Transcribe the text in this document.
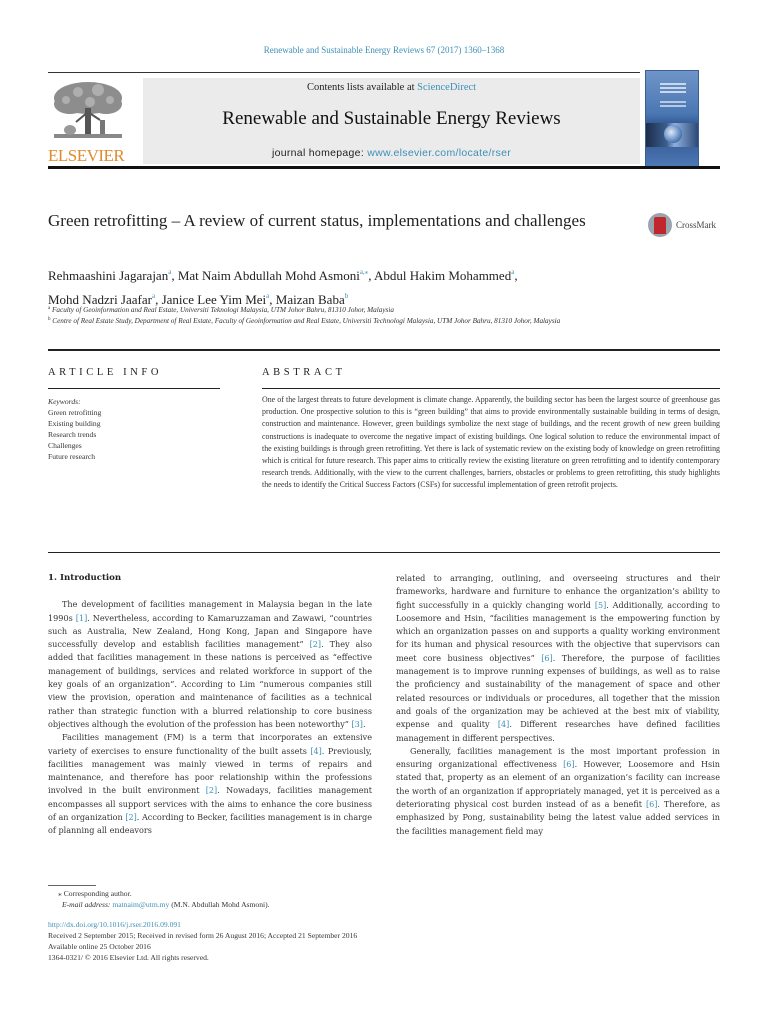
Renewable and Sustainable Energy Reviews 67 (2017) 1360–1368
ELSEVIER
Contents lists available at ScienceDirect
Renewable and Sustainable Energy Reviews
journal homepage: www.elsevier.com/locate/rser
Green retrofitting – A review of current status, implementations and challenges	CrossMark
Rehmaashini Jagarajan$^a$, Mat Naim Abdullah Mohd Asmoni$^{a,⁎}$, Abdul Hakim Mohammed$^a$,
Mohd Nadzri Jaafar$^a$, Janice Lee Yim Mei$^a$, Maizan Baba$^b$
$^a$ Faculty of Geoinformation and Real Estate, Universiti Teknologi Malaysia, UTM Johor Bahru, 81310 Johor, Malaysia
$^b$ Centre of Real Estate Study, Department of Real Estate, Faculty of Geoinformation and Real Estate, Universiti Technologi Malaysia, UTM Johor Bahru, 81310 Johor, Malaysia
ARTICLE INFO	ABSTRACT
Keywords:
Green retrofitting
Existing building
Research trends
Challenges
Future research
One of the largest threats to future development is climate change. Apparently, the building sector has been the largest source of greenhouse gas production. One prospective solution to this is “green building” that aims to provide environmentally sustainable building in terms of design, construction and maintenance. However, green buildings symbolize the next stage of buildings, and the recent growth of new green building constructions is inadequate to overcome the negative impact of existing buildings. One logical solution to reduce the environmental impact of the existing buildings is through green retrofitting. Yet there is lack of systematic review on the existing body of knowledge on green retrofitting which is critical for future research. This paper aims to critically review the existing literature on green retrofitting and to identify contemporary research trends. Additionally, with the view to the current challenges, barriers, obstacles or problems to green retrofitting, this study highlights the needs to identify the Critical Success Factors (CSFs) for successful implementation of green retrofit projects.
1. Introduction

The development of facilities management in Malaysia began in the late 1990s [1]. Nevertheless, according to Kamaruzzaman and Zawawi, “countries such as Australia, New Zealand, Hong Kong, Japan and Singapore have successfully develop and establish facilities management” [2]. They also added that facilities management in these nations is perceived as “effective management of buildings, services and related workforce in support of the key goals of an organization”. According to Lim “numerous companies still view the provision, operation and maintenance of facilities as a technical rather than strategic function with a blurred relationship to core business objectives although the evolution of the profession has been noteworthy” [3].

Facilities management (FM) is a term that incorporates an extensive variety of exercises to ensure functionality of the built assets [4]. Previously, facilities management was mainly viewed in terms of repairs and maintenance, and therefore has poor relationship within the professions involved in the built environment [2]. Nowadays, facilities management encompasses all support services with the aims to enhance the core business of an organization [2]. According to Becker, facilities management is in charge of planning all endeavors

related to arranging, outlining, and overseeing structures and their frameworks, hardware and furniture to enhance the organization’s ability to fight successfully in a quickly changing world [5]. Additionally, according to Loosemore and Hsin, “facilities management is the empowering function by which an organization passes on and supports a quality working environment for its human and physical resources with the objective that supervisors can meet core business objectives” [6]. Therefore, the purpose of facilities management is to improve running expenses of buildings, as well as to raise the proficiency and sustainability of the management of space and other related resources or individuals or procedures, all together that the mission and goals of the organization may be achieved at the best mix of viability, expense and quality [4]. Different researches have defined facilities management in different perspectives.

Generally, facilities management is the most important profession in ensuring organizational effectiveness [6]. However, Loosemore and Hsin stated that, property as an element of an organization’s facility can increase the worth of an organization if appropriately managed, yet it is perceived as a deteriorating physical cost burden instead of as a benefit [6]. Therefore, as emphasized by Pong, sustainability being the latest value added services in the facilities management field may

⁎ Corresponding author.
E-mail address: matnaim@utm.my (M.N. Abdullah Mohd Asmoni).
http://dx.doi.org/10.1016/j.rser.2016.09.091
Received 2 September 2015; Received in revised form 26 August 2016; Accepted 21 September 2016
Available online 25 October 2016
1364-0321/ © 2016 Elsevier Ltd. All rights reserved.
